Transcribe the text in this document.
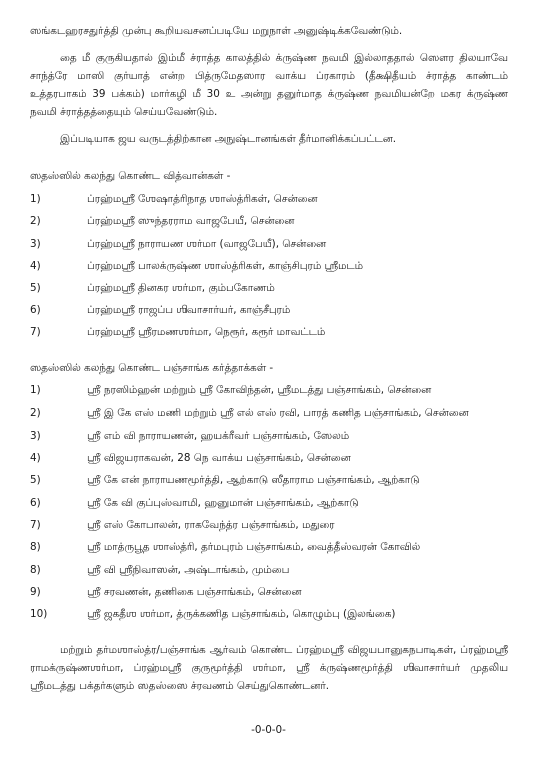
ஸங்கடஹரசதுர்த்தி முன்பு கூறியவசனப்படியே மறுநாள் அனுஷ்டிக்கவேண்டும்.

தை மீ குருகியதால் இம்மீ ச்ராத்த காலத்தில் க்ருஷ்ண நவமி இல்லாததால் ஸௌர திலயாவே சாந்த்ரே மாஸி குர்யாத் என்ற பித்ருமேதஸார வாக்ய ப்ரகாரம் (தீக்ஷிதீயம் ச்ராத்த காண்டம் உத்தரபாகம் 39 பக்கம்) மார்கழி மீ 30 உ அன்று தனுர்மாத க்ருஷ்ண நவமியன்றே மகர க்ருஷ்ண நவமி ச்ராத்தத்தையும் செய்யவேண்டும்.

இப்படியாக ஜய வருடத்திற்கான அநுஷ்டானங்கள் தீர்மானிக்கப்பட்டன.

ஸதஸ்ஸில் கலந்து கொண்ட வித்வான்கள் -

1)	ப்ரஹ்மஸ்ரீ ஶேஷாத்ரிநாத ஶாஸ்த்ரிகள், சென்னை
2)	ப்ரஹ்மஸ்ரீ ஸுந்தரராம வாஜபேயீ, சென்னை
3)	ப்ரஹ்மஸ்ரீ நாராயண ஶர்மா (வாஜபேயீ), சென்னை
4)	ப்ரஹ்மஸ்ரீ பாலக்ருஷ்ண ஶாஸ்த்ரிகள், காஞ்சிபுரம் ஸ்ரீமடம்
5)	ப்ரஹ்மஸ்ரீ தினகர ஶர்மா, கும்பகோணம்
6)	ப்ரஹ்மஸ்ரீ ராஜப்ப ஶிவாசார்யர், காஞ்சீபுரம்
7)	ப்ரஹ்மஸ்ரீ ஸ்ரீரமணஶர்மா, நெரூர், கரூர் மாவட்டம்

ஸதஸ்ஸில் கலந்து கொண்ட பஞ்சாங்க கர்த்தாக்கள் -

1)	ஸ்ரீ நரஸிம்ஹன் மற்றும் ஸ்ரீ கோவிந்தன், ஸ்ரீமடத்து பஞ்சாங்கம், சென்னை
2)	ஸ்ரீ இ கே எஸ் மணி மற்றும் ஸ்ரீ எல் எஸ் ரவி, பாரத் கணித பஞ்சாங்கம், சென்னை
3)	ஸ்ரீ எம் வி நாராயணன், ஹயக்ரீவர் பஞ்சாங்கம், ஸேலம்
4)	ஸ்ரீ விஜயராகவன், 28 நெ வாக்ய பஞ்சாங்கம், சென்னை
5)	ஸ்ரீ கே என் நாராயணமூர்த்தி, ஆற்காடு ஸீதாராம பஞ்சாங்கம், ஆற்காடு
6)	ஸ்ரீ கே வி குப்புஸ்வாமி, ஹனுமான் பஞ்சாங்கம், ஆற்காடு
7)	ஸ்ரீ எஸ் கோபாலன், ராகவேந்த்ர பஞ்சாங்கம், மதுரை
8)	ஸ்ரீ மாத்ருபூத ஶாஸ்த்ரி, தர்மபுரம் பஞ்சாங்கம், வைத்தீஸ்வரன் கோவில்
8)	ஸ்ரீ வி ஸ்ரீநிவாஸன், அஷ்டாங்கம், மும்பை
9)	ஸ்ரீ சரவணன், தணிகை பஞ்சாங்கம், சென்னை
10)	ஸ்ரீ ஜகதீஶ ஶர்மா, த்ருக்கணித பஞ்சாங்கம், கொழும்பு (இலங்கை)

மற்றும் தர்மஶாஸ்த்ர/பஞ்சாங்க ஆர்வம் கொண்ட ப்ரஹ்மஸ்ரீ விஜயபானுகநபாடிகள், ப்ரஹ்மஸ்ரீ ராமக்ருஷ்ணஶர்மா, ப்ரஹ்மஸ்ரீ குருமூர்த்தி ஶர்மா, ஸ்ரீ க்ருஷ்ணமூர்த்தி ஶிவாசார்யர் முதலிய ஸ்ரீமடத்து பக்தர்களும் ஸதஸ்ஸை ச்ரவணம் செய்துகொண்டனர்.

-0-0-0-
